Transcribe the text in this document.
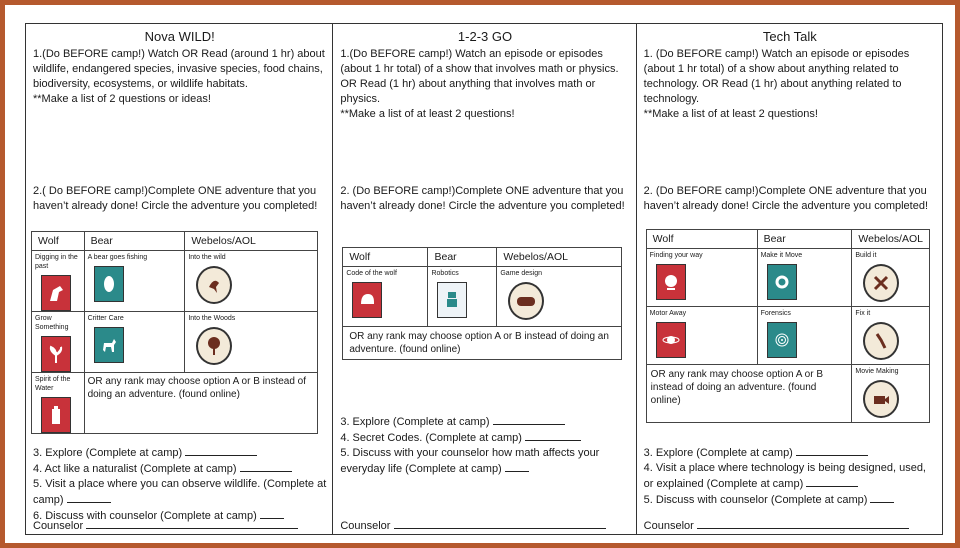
Nova WILD!

1.(Do BEFORE camp!) Watch OR Read (around 1 hr) about wildlife, endangered species, invasive species, food chains, biodiversity, ecosystems, or wildlife habitats.

**Make a list of 2 questions or ideas!

2.( Do BEFORE camp!)Complete ONE adventure that you haven’t already done! Circle the adventure you completed!

Wolf	Bear	Webelos/AOL

Digging in the past	A bear goes fishing	Into the wild

Grow Something	Critter Care	Into the Woods

Spirit of the Water	OR any rank may choose option A or B instead of doing an adventure. (found online)	

3. Explore (Complete at camp)

4. Act like a naturalist (Complete at camp)

5. Visit a place where you can observe wildlife. (Complete at camp)

6. Discuss with counselor (Complete at camp)

Counselor

1-2-3 GO

1.(Do BEFORE camp!) Watch an episode or episodes (about 1 hr total) of a show that involves math or physics. OR Read (1 hr) about anything that involves math or physics.

**Make a list of at least 2 questions!

2. (Do BEFORE camp!)Complete ONE adventure that you haven’t already done! Circle the adventure you completed!

Wolf	Bear	Webelos/AOL

Code of the wolf	Robotics	Game design

OR any rank may choose option A or B instead of doing an adventure. (found online)		

3. Explore (Complete at camp)

4. Secret Codes. (Complete at camp)

5. Discuss with your counselor how math affects your everyday life (Complete at camp)

Counselor

Tech Talk

1. (Do BEFORE camp!) Watch an episode or episodes (about 1 hr total) of a show about anything related to technology. OR Read (1 hr) about anything related to technology.

**Make a list of at least 2 questions!

2. (Do BEFORE camp!)Complete ONE adventure that you haven’t already done! Circle the adventure you completed!

Wolf	Bear	Webelos/AOL

Finding your way	Make it Move	Build it

Motor Away	Forensics	Fix it

OR any rank may choose option A or B instead of doing an adventure. (found online)		Movie Making

3. Explore (Complete at camp)

4. Visit a place where technology is being designed, used, or explained (Complete at camp)

5. Discuss with counselor (Complete at camp)

Counselor
